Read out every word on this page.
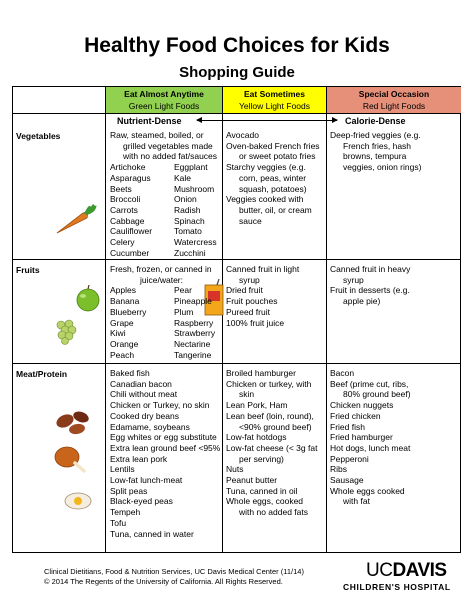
Healthy Food Choices for Kids
Shopping Guide
Eat Almost Anytime
Green Light Foods
Eat Sometimes
Yellow Light Foods
Special Occasion
Red Light Foods
Nutrient-Dense	Calorie-Dense
Vegetables
Fruits
Meat/Protein
Raw, steamed, boiled, or
grilled vegetables made
with no added fat/sauces
Artichoke
Asparagus
Beets
Broccoli
Carrots
Cabbage
Cauliflower
Celery
Cucumber
Eggplant
Kale
Mushroom
Onion
Radish
Spinach
Tomato
Watercress
Zucchini
Avocado
Oven-baked French fries
or sweet potato fries
Starchy veggies (e.g.
corn, peas, winter
squash, potatoes)
Veggies cooked with
butter, oil, or cream
sauce
Deep-fried veggies (e.g.
French fries, hash
browns, tempura
veggies, onion rings)
Fresh, frozen, or canned in
juice/water:
Apples
Banana
Blueberry
Grape
Kiwi
Orange
Peach
Pear
Pineapple
Plum
Raspberry
Strawberry
Nectarine
Tangerine
Canned fruit in light
syrup
Dried fruit
Fruit pouches
Pureed fruit
100% fruit juice
Canned fruit in heavy
syrup
Fruit in desserts (e.g.
apple pie)
Baked fish
Canadian bacon
Chili without meat
Chicken or Turkey, no skin
Cooked dry beans
Edamame, soybeans
Egg whites or egg substitute
Extra lean ground beef <95%
Extra lean pork
Lentils
Low-fat lunch-meat
Split peas
Black-eyed peas
Tempeh
Tofu
Tuna, canned in water
Broiled hamburger
Chicken or turkey, with
skin
Lean Pork, Ham
Lean beef (loin, round),
<90% ground beef)
Low-fat hotdogs
Low-fat cheese (< 3g fat
per serving)
Nuts
Peanut butter
Tuna, canned in oil
Whole eggs, cooked
with no added fats
Bacon
Beef (prime cut, ribs,
80% ground beef)
Chicken nuggets
Fried chicken
Fried fish
Fried hamburger
Hot dogs, lunch meat
Pepperoni
Ribs
Sausage
Whole eggs cooked
with fat
Clinical Dietitians, Food & Nutrition Services, UC Davis Medical Center (11/14)
© 2014 The Regents of the University of California. All Rights Reserved.
UCDAVIS
CHILDREN'S HOSPITAL
